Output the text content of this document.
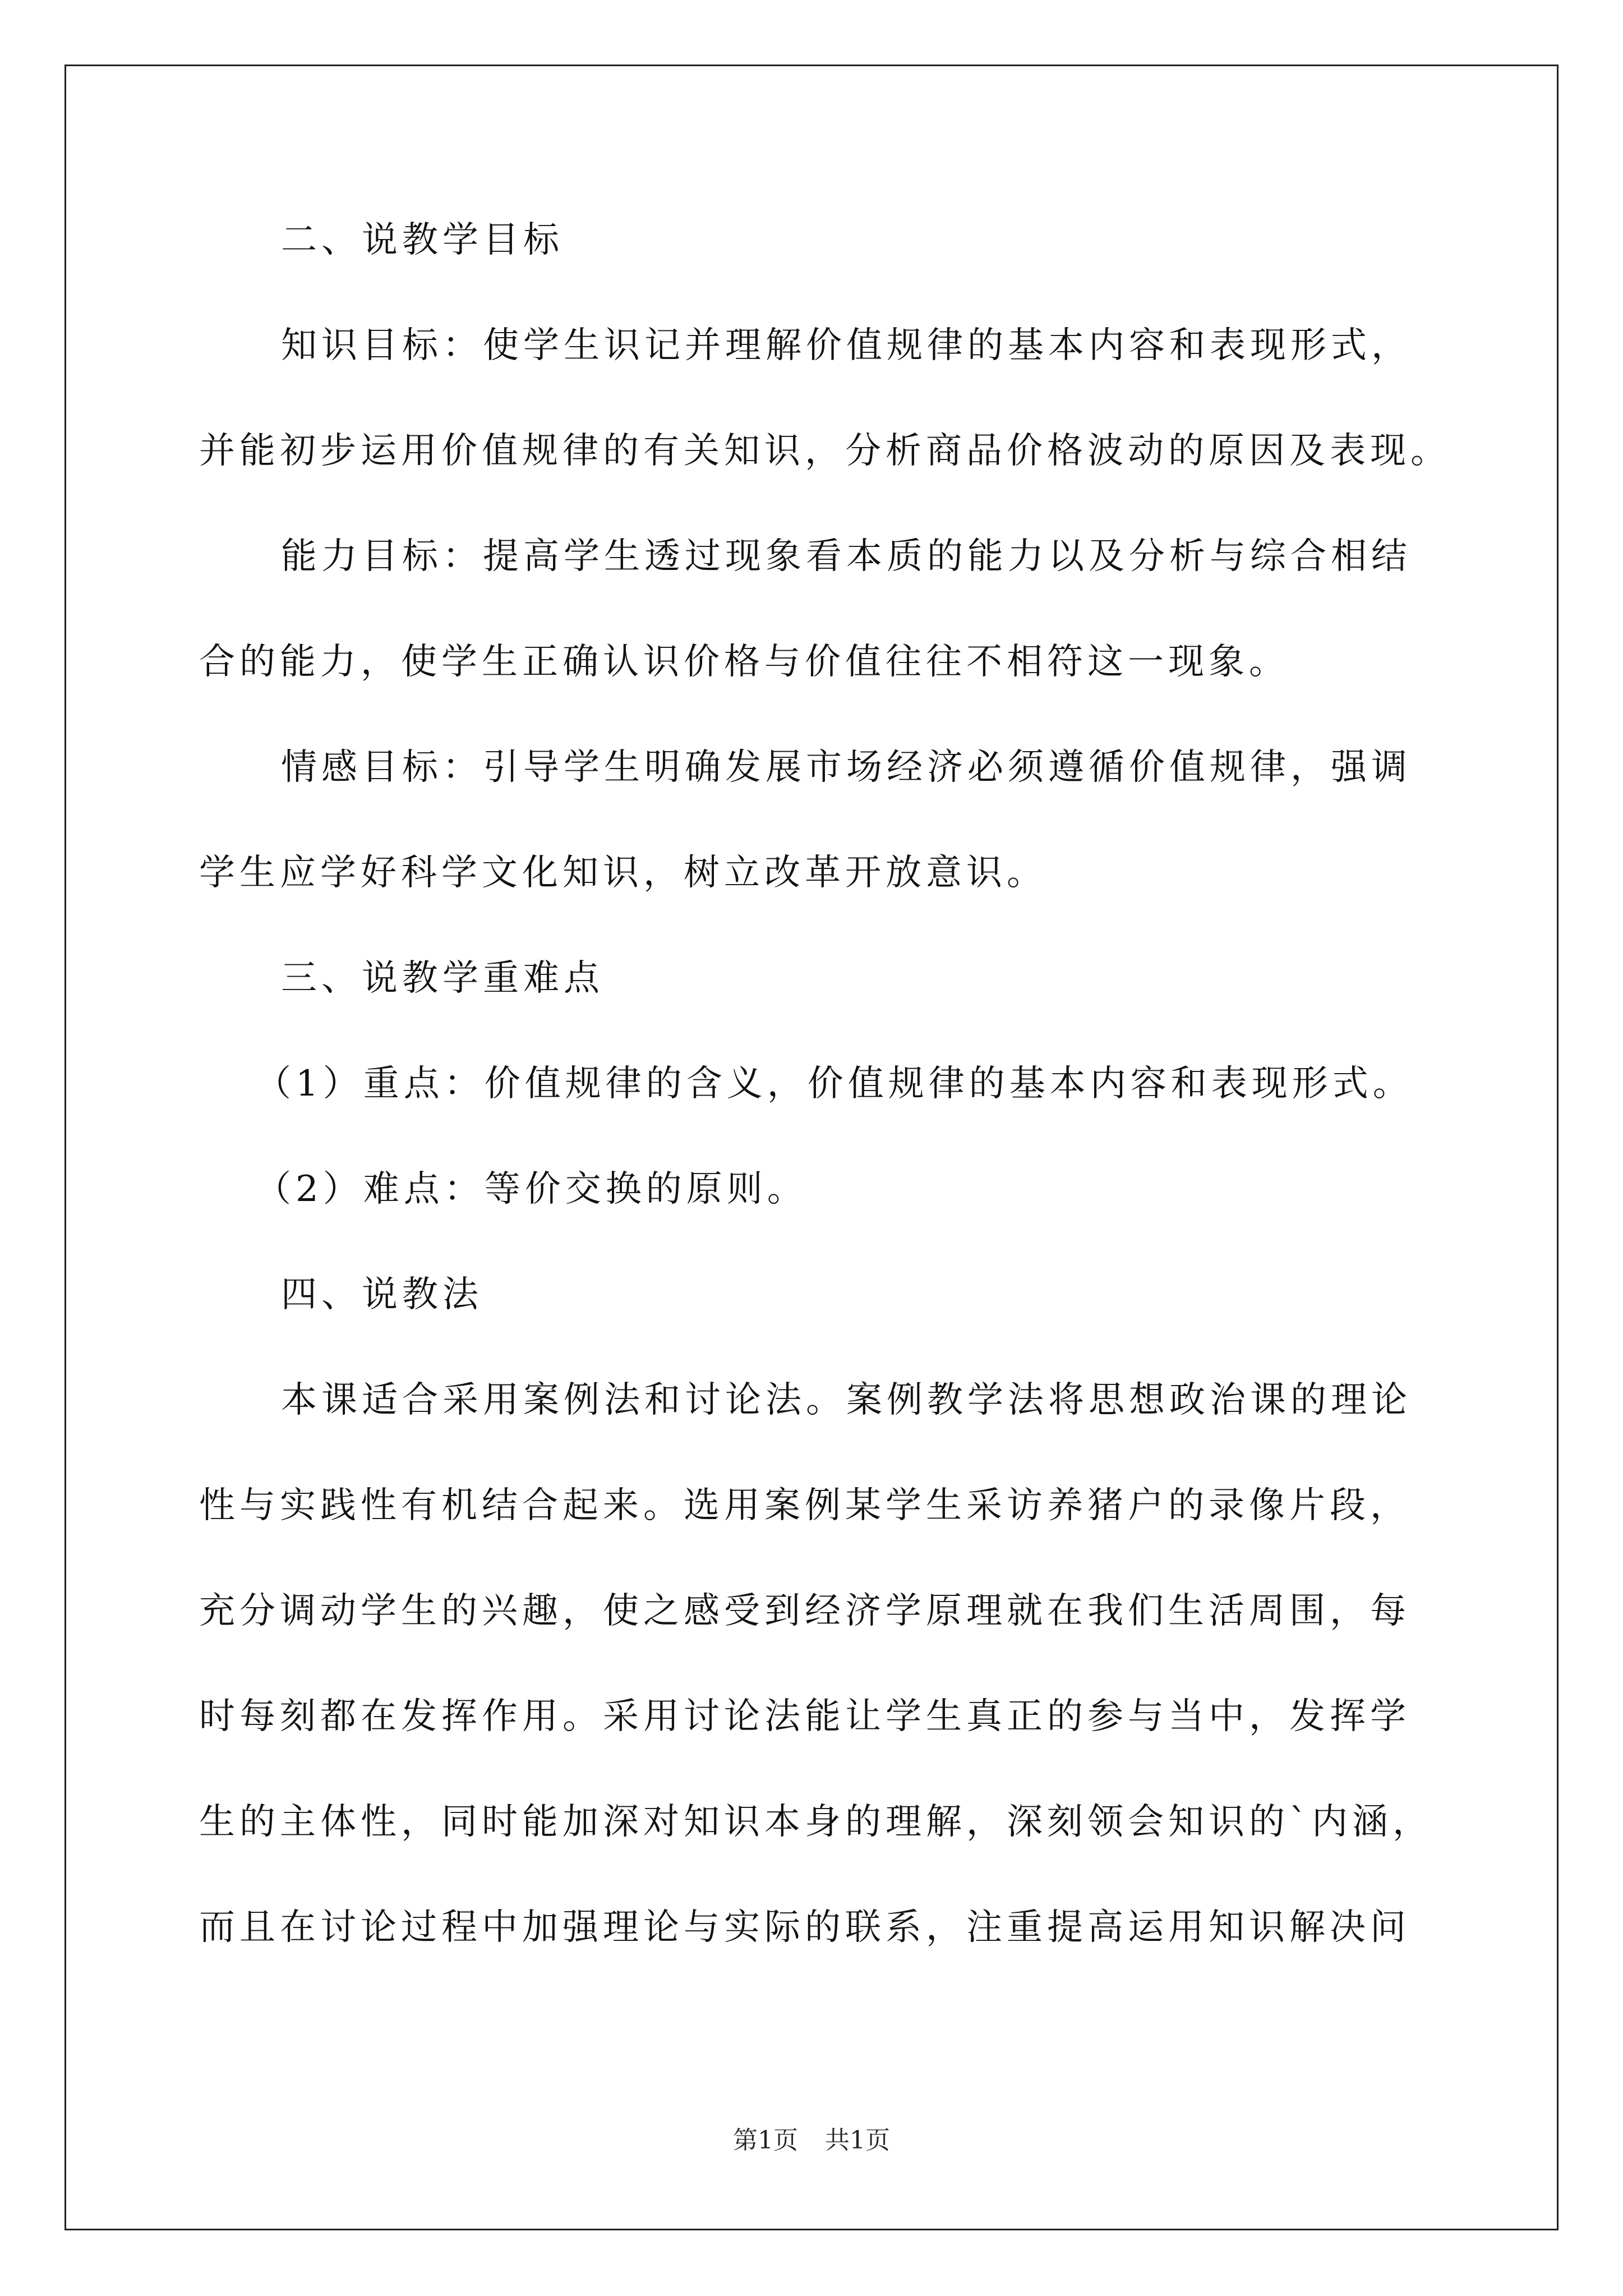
二、说教学目标
知识目标：使学生识记并理解价值规律的基本内容和表现形式，
并能初步运用价值规律的有关知识，分析商品价格波动的原因及表现。
能力目标：提高学生透过现象看本质的能力以及分析与综合相结
合的能力，使学生正确认识价格与价值往往不相符这一现象。
情感目标：引导学生明确发展市场经济必须遵循价值规律，强调
学生应学好科学文化知识，树立改革开放意识。
三、说教学重难点
（1）重点：价值规律的含义，价值规律的基本内容和表现形式。
（2）难点：等价交换的原则。
四、说教法
本课适合采用案例法和讨论法。案例教学法将思想政治课的理论
性与实践性有机结合起来。选用案例某学生采访养猪户的录像片段，
充分调动学生的兴趣，使之感受到经济学原理就在我们生活周围，每
时每刻都在发挥作用。采用讨论法能让学生真正的参与当中，发挥学
生的主体性，同时能加深对知识本身的理解，深刻领会知识的`内涵，
而且在讨论过程中加强理论与实际的联系，注重提高运用知识解决问
第1页 共1页
